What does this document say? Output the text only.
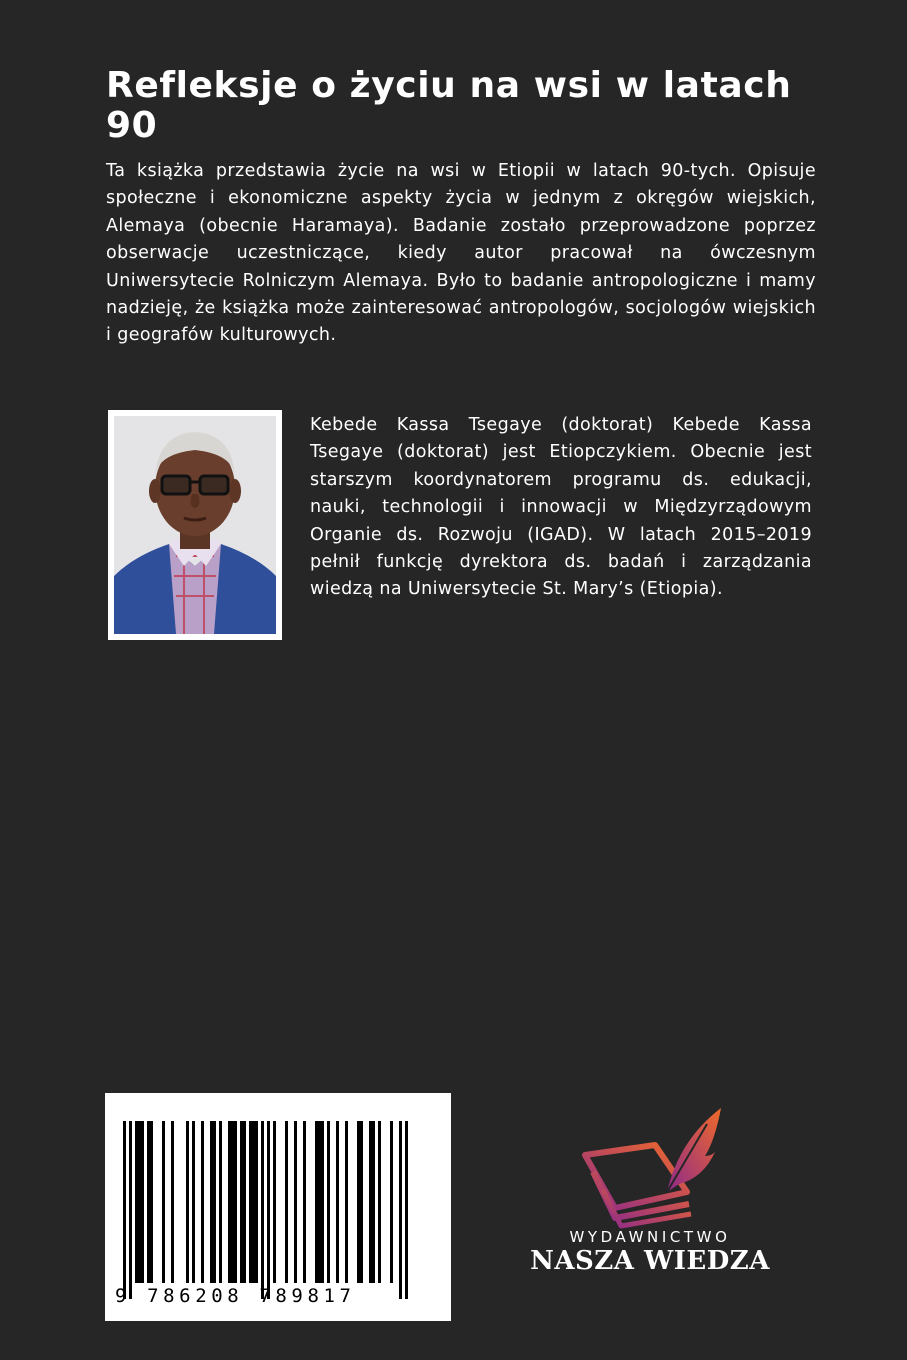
Refleksje o życiu na wsi w latach 90

Ta książka przedstawia życie na wsi w Etiopii w latach 90-tych. Opisuje społeczne i ekonomiczne aspekty życia w jednym z okręgów wiejskich, Alemaya (obecnie Haramaya). Badanie zostało przeprowadzone poprzez obserwacje uczestniczące, kiedy autor pracował na ówczesnym Uniwersytecie Rolniczym Alemaya. Było to badanie antropologiczne i mamy nadzieję, że książka może zainteresować antropologów, socjologów wiejskich i geografów kulturowych.

Kebede Kassa Tsegaye (doktorat) Kebede Kassa Tsegaye (doktorat) jest Etiopczykiem. Obecnie jest starszym koordynatorem programu ds. edukacji, nauki, technologii i innowacji w Międzyrządowym Organie ds. Rozwoju (IGAD). W latach 2015–2019 pełnił funkcję dyrektora ds. badań i zarządzania wiedzą na Uniwersytecie St. Mary’s (Etiopia).

9 786208 789817
WYDAWNICTWO
NASZA WIEDZA
